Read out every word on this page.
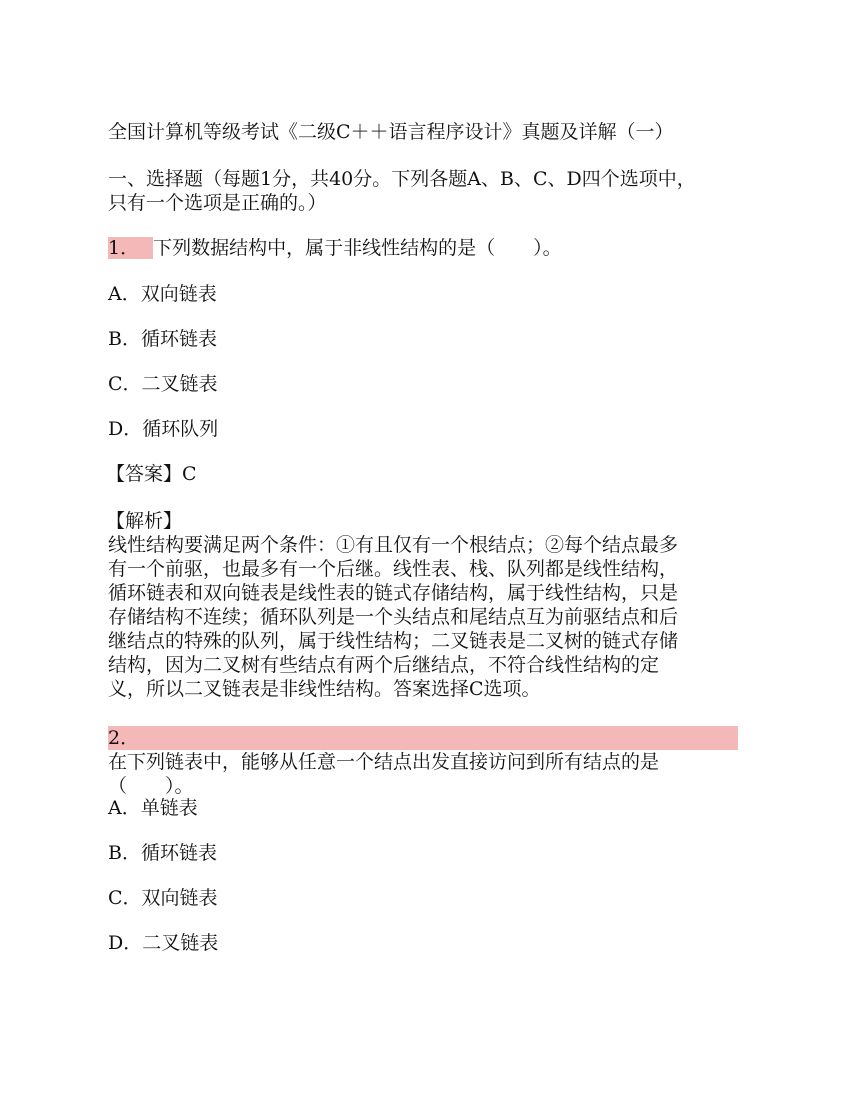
全国计算机等级考试《二级C＋＋语言程序设计》真题及详解（一）
一、选择题（每题1分，共40分。下列各题A、B、C、D四个选项中，
只有一个选项是正确的。）
1． 下列数据结构中，属于非线性结构的是（　　）。
A．双向链表
B．循环链表
C．二叉链表
D．循环队列
【答案】C
【解析】
线性结构要满足两个条件：①有且仅有一个根结点；②每个结点最多
有一个前驱，也最多有一个后继。线性表、栈、队列都是线性结构，
循环链表和双向链表是线性表的链式存储结构，属于线性结构，只是
存储结构不连续；循环队列是一个头结点和尾结点互为前驱结点和后
继结点的特殊的队列，属于线性结构；二叉链表是二叉树的链式存储
结构，因为二叉树有些结点有两个后继结点，不符合线性结构的定
义，所以二叉链表是非线性结构。答案选择C选项。
2．
在下列链表中，能够从任意一个结点出发直接访问到所有结点的是
（　　）。
A．单链表
B．循环链表
C．双向链表
D．二叉链表
